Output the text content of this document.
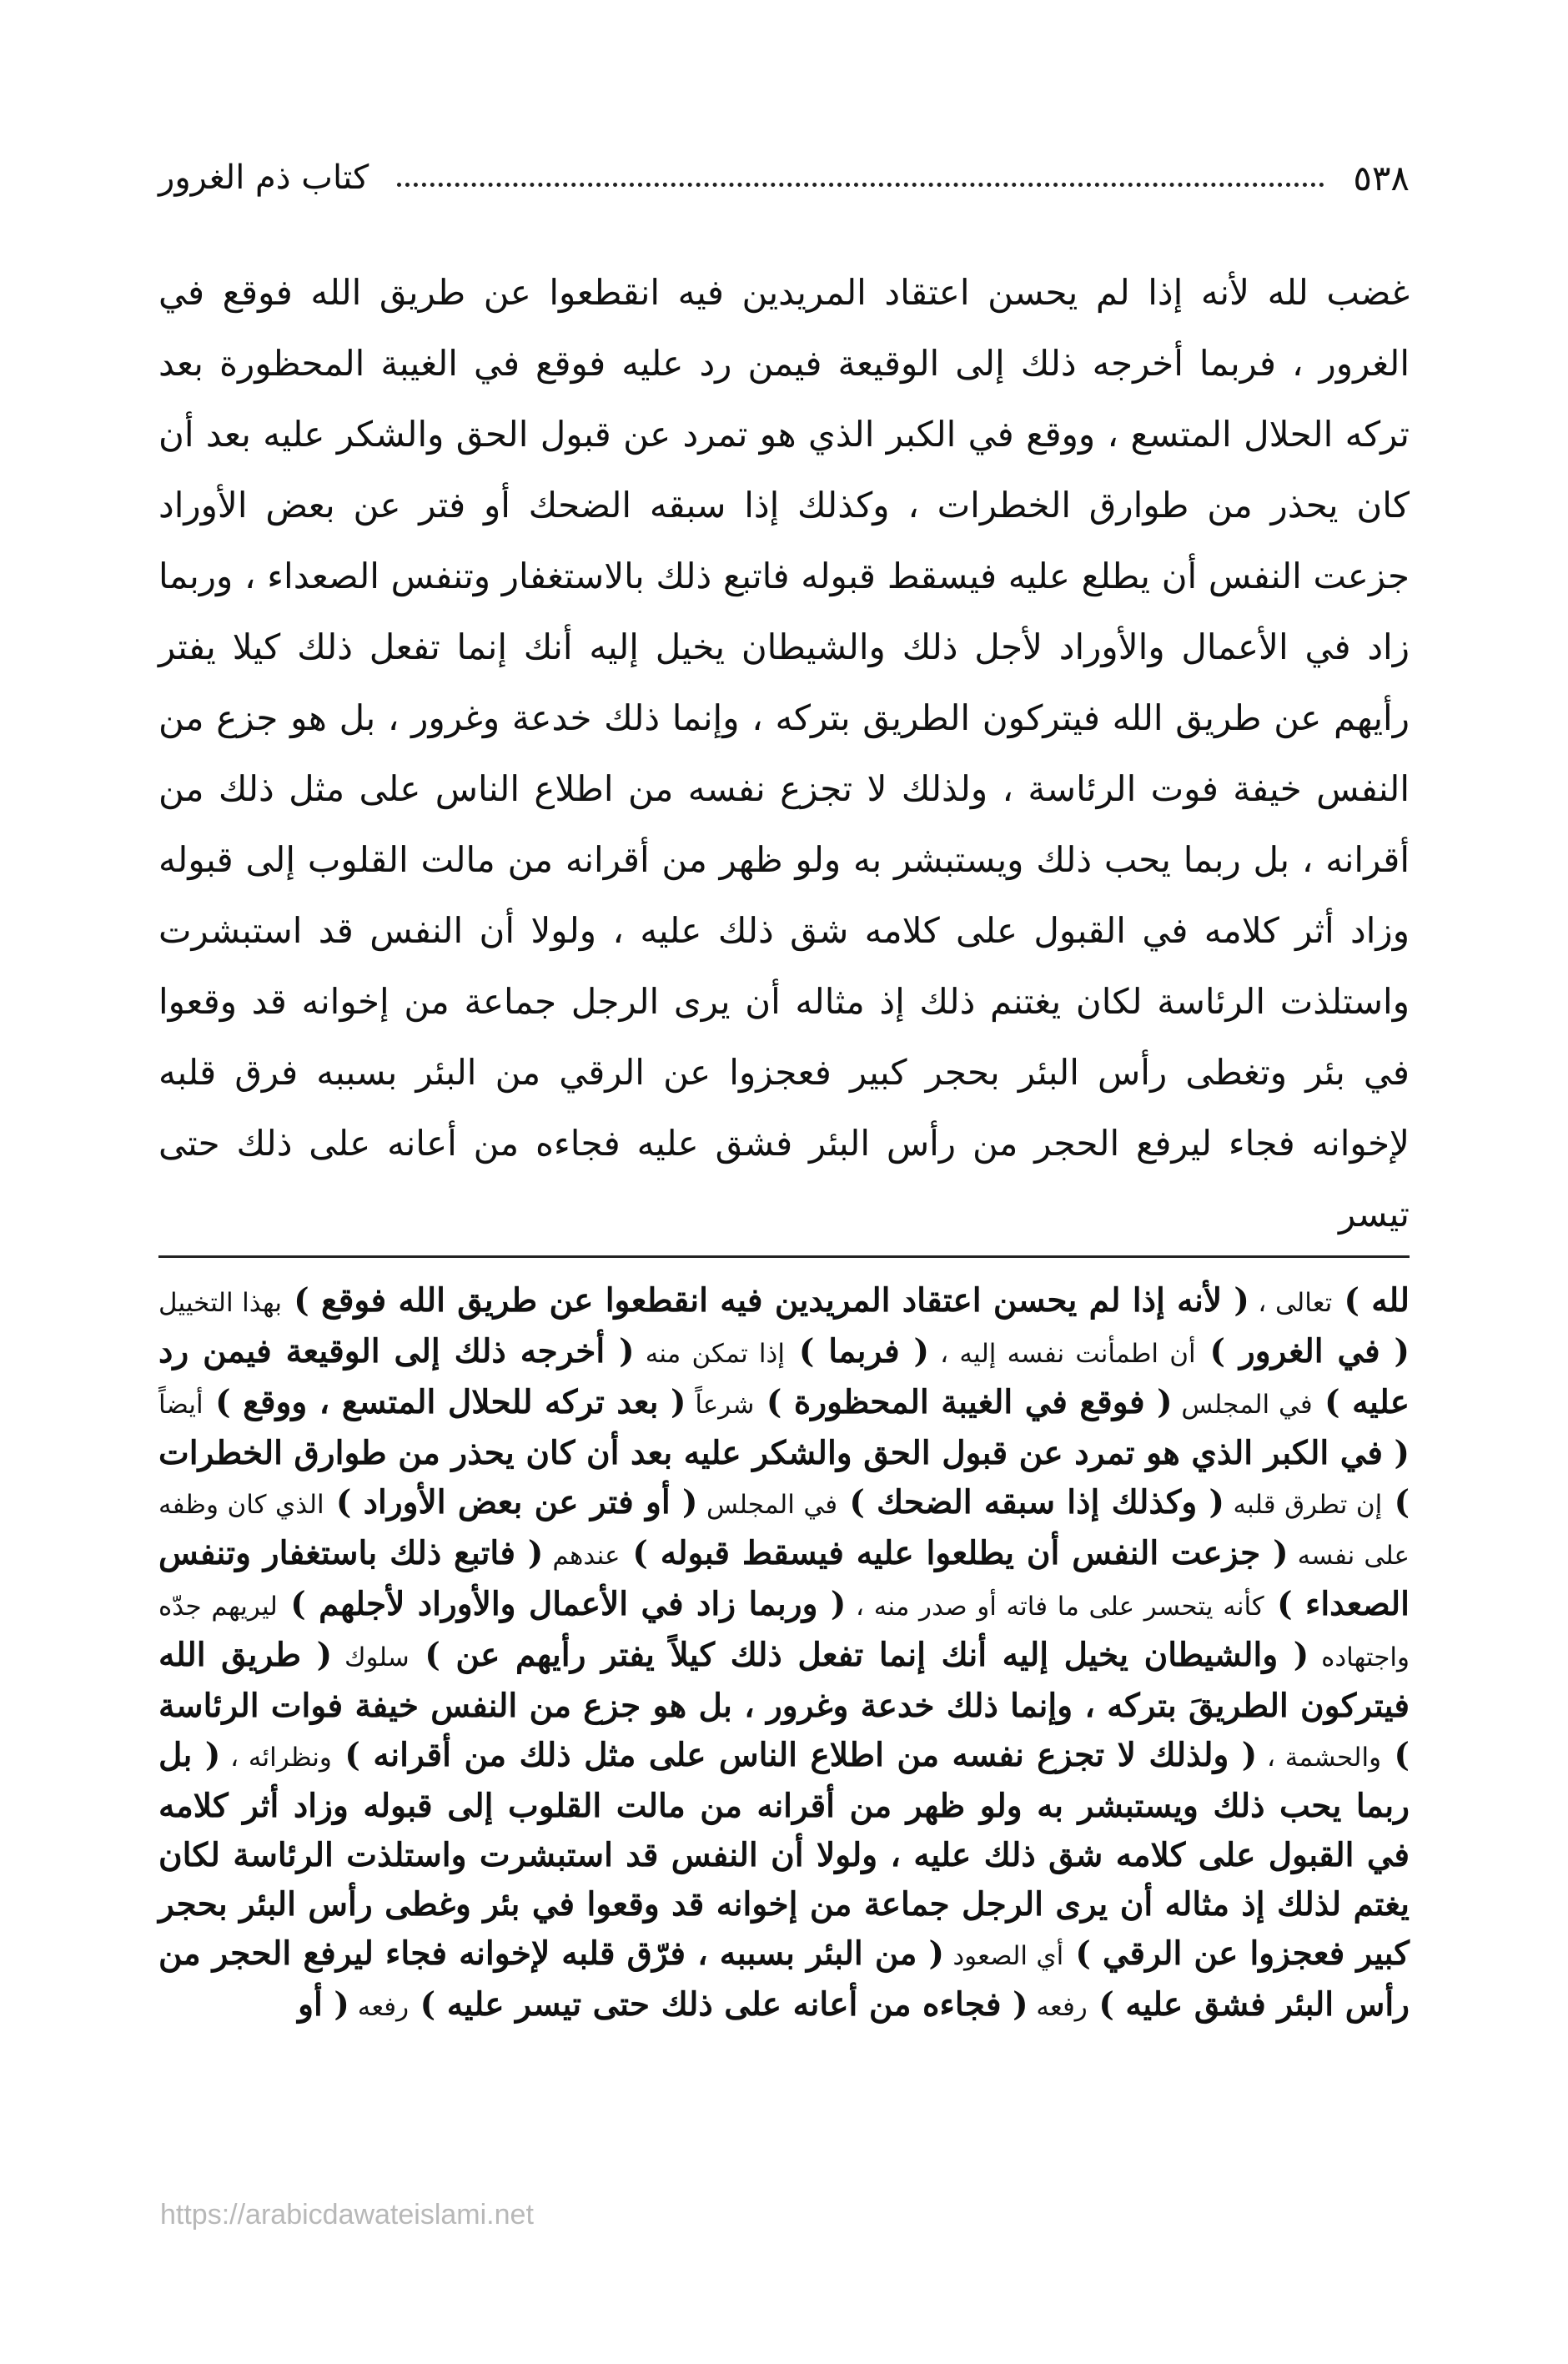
٥٣٨
كتاب ذم الغرور

غضب لله لأنه إذا لم يحسن اعتقاد المريدين فيه انقطعوا عن طريق الله فوقع في الغرور ، فربما أخرجه ذلك إلى الوقيعة فيمن رد عليه فوقع في الغيبة المحظورة بعد تركه الحلال المتسع ، ووقع في الكبر الذي هو تمرد عن قبول الحق والشكر عليه بعد أن كان يحذر من طوارق الخطرات ، وكذلك إذا سبقه الضحك أو فتر عن بعض الأوراد جزعت النفس أن يطلع عليه فيسقط قبوله فاتبع ذلك بالاستغفار وتنفس الصعداء ، وربما زاد في الأعمال والأوراد لأجل ذلك والشيطان يخيل إليه أنك إنما تفعل ذلك كيلا يفتر رأيهم عن طريق الله فيتركون الطريق بتركه ، وإنما ذلك خدعة وغرور ، بل هو جزع من النفس خيفة فوت الرئاسة ، ولذلك لا تجزع نفسه من اطلاع الناس على مثل ذلك من أقرانه ، بل ربما يحب ذلك ويستبشر به ولو ظهر من أقرانه من مالت القلوب إلى قبوله وزاد أثر كلامه في القبول على كلامه شق ذلك عليه ، ولولا أن النفس قد استبشرت واستلذت الرئاسة لكان يغتنم ذلك إذ مثاله أن يرى الرجل جماعة من إخوانه قد وقعوا في بئر وتغطى رأس البئر بحجر كبير فعجزوا عن الرقي من البئر بسببه فرق قلبه لإخوانه فجاء ليرفع الحجر من رأس البئر فشق عليه فجاءه من أعانه على ذلك حتى تيسر

لله ) تعالى ، ( لأنه إذا لم يحسن اعتقاد المريدين فيه انقطعوا عن طريق الله فوقع ) بهذا التخييل ( في الغرور ) أن اطمأنت نفسه إليه ، ( فربما ) إذا تمكن منه ( أخرجه ذلك إلى الوقيعة فيمن رد عليه ) في المجلس ( فوقع في الغيبة المحظورة ) شرعاً ( بعد تركه للحلال المتسع ، ووقع ) أيضاً ( في الكبر الذي هو تمرد عن قبول الحق والشكر عليه بعد أن كان يحذر من طوارق الخطرات ) إن تطرق قلبه ( وكذلك إذا سبقه الضحك ) في المجلس ( أو فتر عن بعض الأوراد ) الذي كان وظفه على نفسه ( جزعت النفس أن يطلعوا عليه فيسقط قبوله ) عندهم ( فاتبع ذلك باستغفار وتنفس الصعداء ) كأنه يتحسر على ما فاته أو صدر منه ، ( وربما زاد في الأعمال والأوراد لأجلهم ) ليريهم جدّه واجتهاده ( والشيطان يخيل إليه أنك إنما تفعل ذلك كيلاً يفتر رأيهم عن ) سلوك ( طريق الله فيتركون الطريقَ بتركه ، وإنما ذلك خدعة وغرور ، بل هو جزع من النفس خيفة فوات الرئاسة ) والحشمة ، ( ولذلك لا تجزع نفسه من اطلاع الناس على مثل ذلك من أقرانه ) ونظرائه ، ( بل ربما يحب ذلك ويستبشر به ولو ظهر من أقرانه من مالت القلوب إلى قبوله وزاد أثر كلامه في القبول على كلامه شق ذلك عليه ، ولولا أن النفس قد استبشرت واستلذت الرئاسة لكان يغتم لذلك إذ مثاله أن يرى الرجل جماعة من إخوانه قد وقعوا في بئر وغطى رأس البئر بحجر كبير فعجزوا عن الرقي ) أي الصعود ( من البئر بسببه ، فرّق قلبه لإخوانه فجاء ليرفع الحجر من رأس البئر فشق عليه ) رفعه ( فجاءه من أعانه على ذلك حتى تيسر عليه ) رفعه ( أو

https://arabicdawateislami.net
